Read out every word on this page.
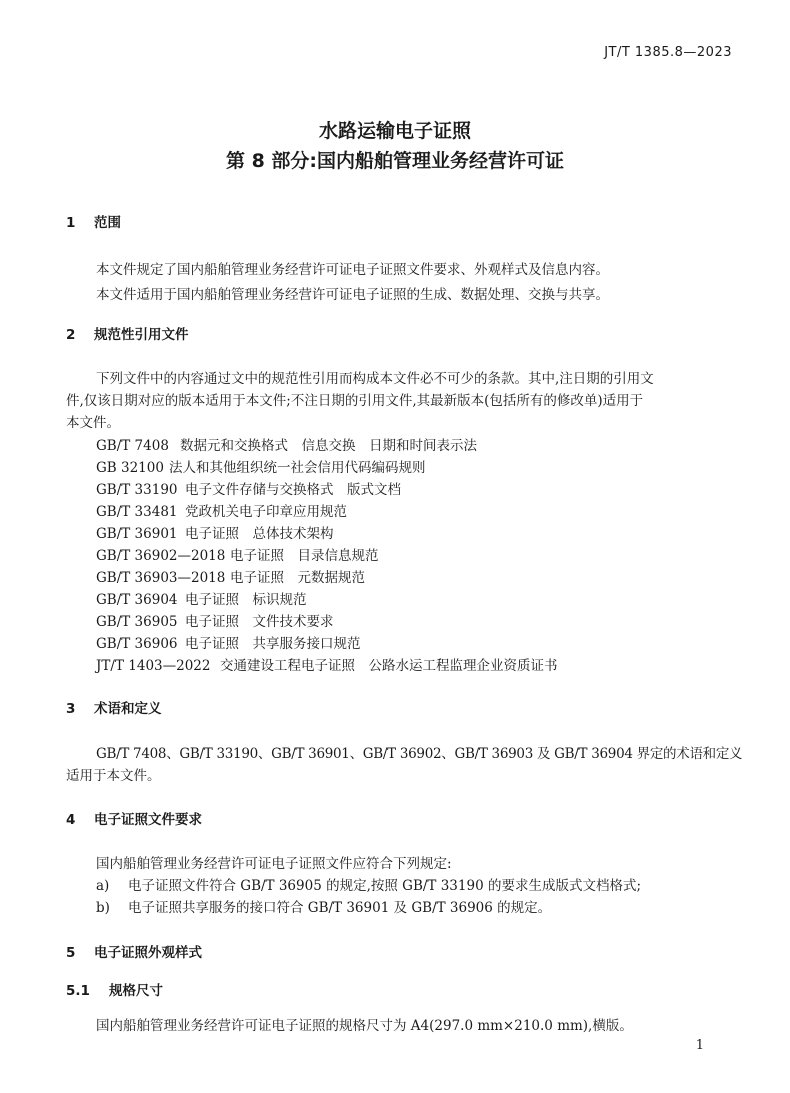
JT/T 1385.8—2023
水路运输电子证照
第 8 部分:国内船舶管理业务经营许可证
1 范围
本文件规定了国内船舶管理业务经营许可证电子证照文件要求、外观样式及信息内容。
本文件适用于国内船舶管理业务经营许可证电子证照的生成、数据处理、交换与共享。
2 规范性引用文件
下列文件中的内容通过文中的规范性引用而构成本文件必不可少的条款。其中,注日期的引用文
件,仅该日期对应的版本适用于本文件;不注日期的引用文件,其最新版本(包括所有的修改单)适用于
本文件。
GB/T 7408 数据元和交换格式　信息交换　日期和时间表示法
GB 32100 法人和其他组织统一社会信用代码编码规则
GB/T 33190 电子文件存储与交换格式　版式文档
GB/T 33481 党政机关电子印章应用规范
GB/T 36901 电子证照　总体技术架构
GB/T 36902—2018 电子证照　目录信息规范
GB/T 36903—2018 电子证照　元数据规范
GB/T 36904 电子证照　标识规范
GB/T 36905 电子证照　文件技术要求
GB/T 36906 电子证照　共享服务接口规范
JT/T 1403—2022 交通建设工程电子证照　公路水运工程监理企业资质证书
3 术语和定义
GB/T 7408、GB/T 33190、GB/T 36901、GB/T 36902、GB/T 36903 及 GB/T 36904 界定的术语和定义
适用于本文件。
4 电子证照文件要求
国内船舶管理业务经营许可证电子证照文件应符合下列规定:
a) 电子证照文件符合 GB/T 36905 的规定,按照 GB/T 33190 的要求生成版式文档格式;
b) 电子证照共享服务的接口符合 GB/T 36901 及 GB/T 36906 的规定。
5 电子证照外观样式
5.1 规格尺寸
国内船舶管理业务经营许可证电子证照的规格尺寸为 A4(297.0 mm×210.0 mm),横版。
1
